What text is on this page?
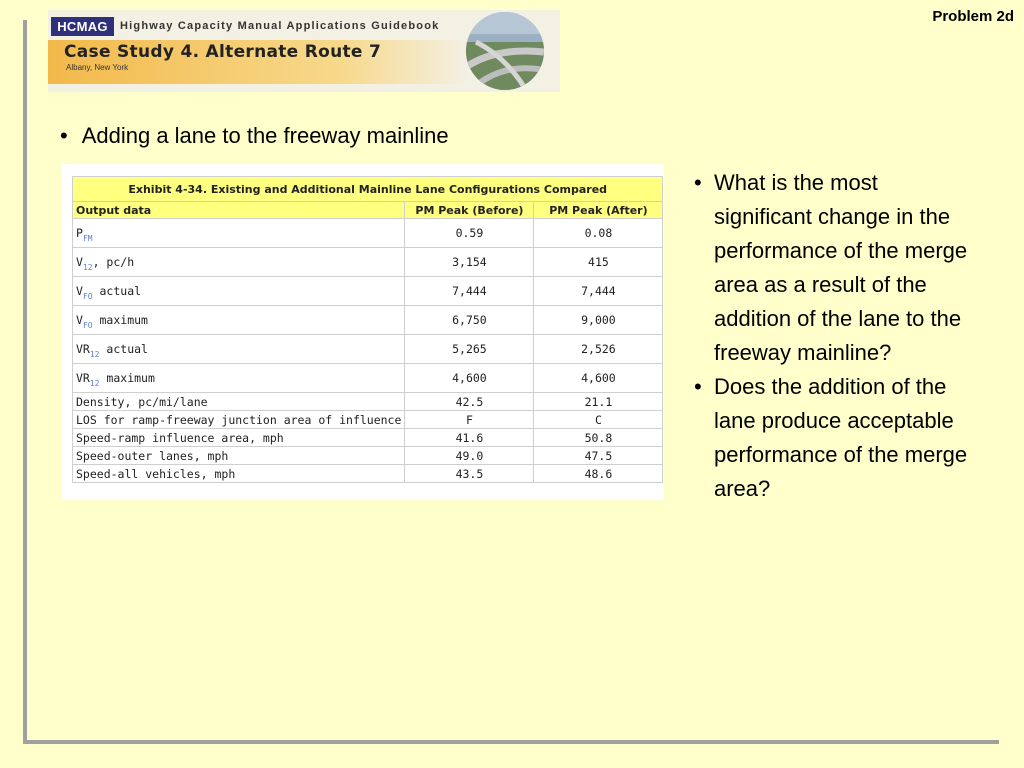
Problem 2d
HCMAG	Highway Capacity Manual Applications Guidebook
Case Study 4. Alternate Route 7
Albany, New York
• Adding a lane to the freeway mainline
Exhibit 4-34. Existing and Additional Mainline Lane Configurations Compared		
Output data	PM Peak (Before)	PM Peak (After)
$P_{FM}$	0.59	0.08
$V_{12}$, pc/h	3,154	415
$V_{FO}$ actual	7,444	7,444
$V_{FO}$ maximum	6,750	9,000
$VR_{12}$ actual	5,265	2,526
$VR_{12}$ maximum	4,600	4,600
Density, pc/mi/lane	42.5	21.1
LOS for ramp-freeway junction area of influence	F	C
Speed-ramp influence area, mph	41.6	50.8
Speed-outer lanes, mph	49.0	47.5
Speed-all vehicles, mph	43.5	48.6
• What is the most significant change in the performance of the merge area as a result of the addition of the lane to the freeway mainline?
• Does the addition of the lane produce acceptable performance of the merge area?
